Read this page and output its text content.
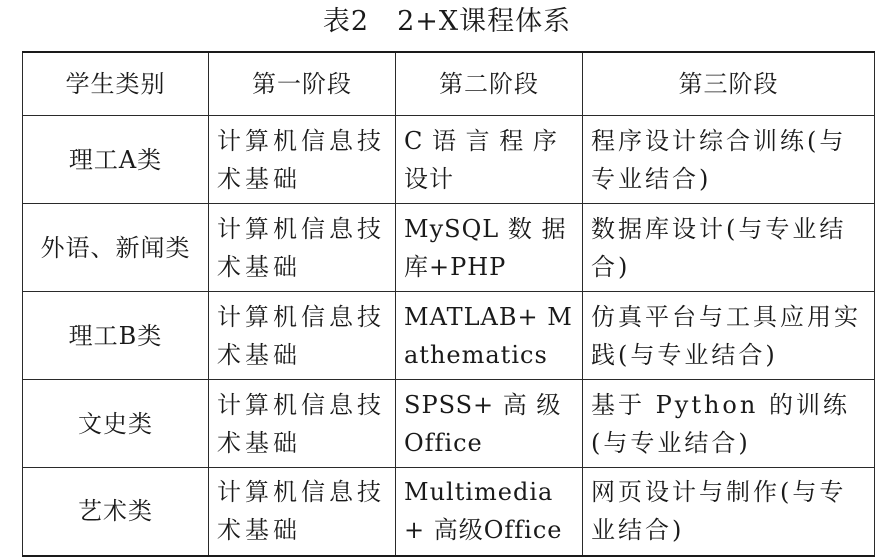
表2　2+X课程体系
学生类别	第一阶段	第二阶段	第三阶段
理工A类	计算机信息技术基础	C 语 言 程 序设计	程序设计综合训练(与专业结合)
外语、新闻类	计算机信息技术基础	MySQL 数 据库+PHP	数据库设计(与专业结合)
理工B类	计算机信息技术基础	MATLAB+ Mathematics	仿真平台与工具应用实践(与专业结合)
文史类	计算机信息技术基础	SPSS+ 高 级 Office	基于 Python 的训练(与专业结合)
艺术类	计算机信息技术基础	Multimedia+ 高级Office	网页设计与制作(与专业结合)
